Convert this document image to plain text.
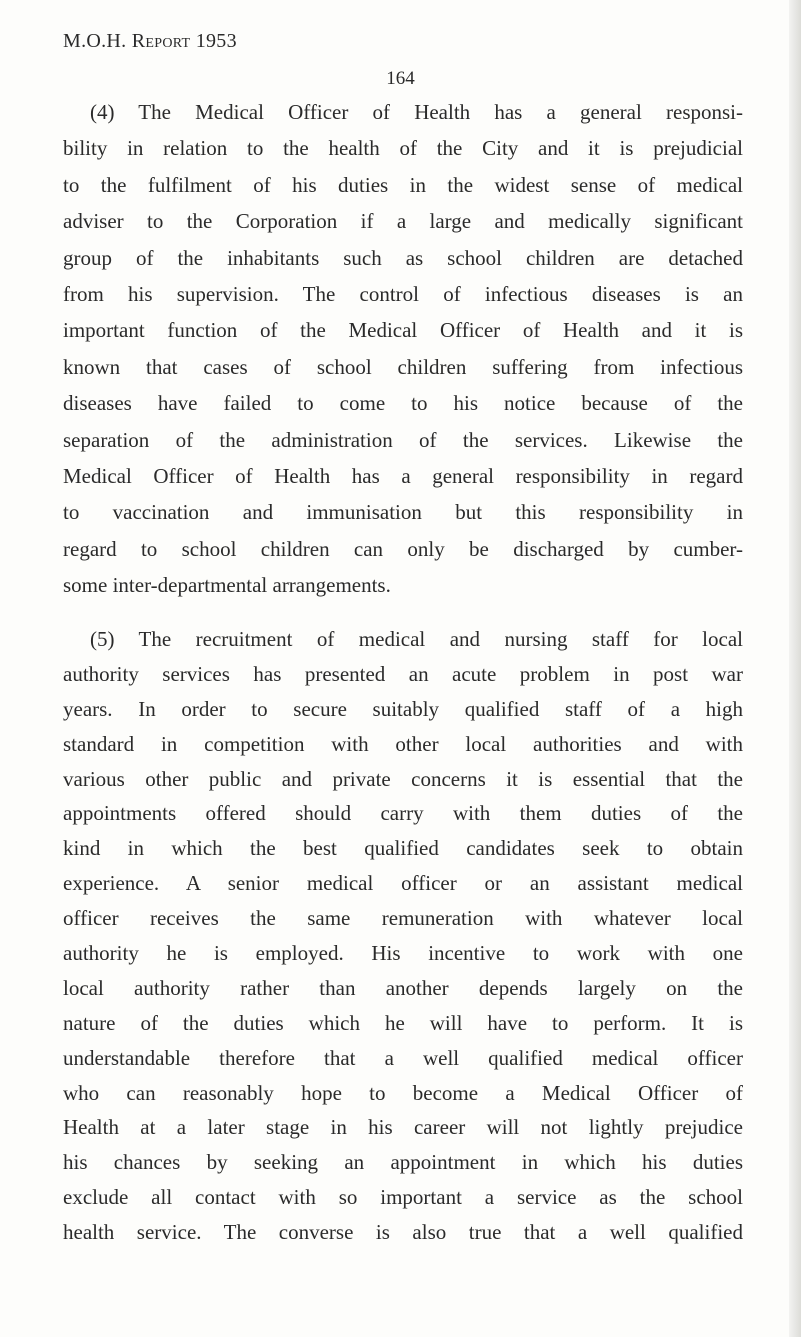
M.O.H. Report 1953
164
(4) The Medical Officer of Health has a general responsi-
bility in relation to the health of the City and it is prejudicial
to the fulfilment of his duties in the widest sense of medical
adviser to the Corporation if a large and medically significant
group of the inhabitants such as school children are detached
from his supervision. The control of infectious diseases is an
important function of the Medical Officer of Health and it is
known that cases of school children suffering from infectious
diseases have failed to come to his notice because of the
separation of the administration of the services. Likewise the
Medical Officer of Health has a general responsibility in regard
to vaccination and immunisation but this responsibility in
regard to school children can only be discharged by cumber-
some inter-departmental arrangements.
(5) The recruitment of medical and nursing staff for local
authority services has presented an acute problem in post war
years. In order to secure suitably qualified staff of a high
standard in competition with other local authorities and with
various other public and private concerns it is essential that the
appointments offered should carry with them duties of the
kind in which the best qualified candidates seek to obtain
experience. A senior medical officer or an assistant medical
officer receives the same remuneration with whatever local
authority he is employed. His incentive to work with one
local authority rather than another depends largely on the
nature of the duties which he will have to perform. It is
understandable therefore that a well qualified medical officer
who can reasonably hope to become a Medical Officer of
Health at a later stage in his career will not lightly prejudice
his chances by seeking an appointment in which his duties
exclude all contact with so important a service as the school
health service. The converse is also true that a well qualified
